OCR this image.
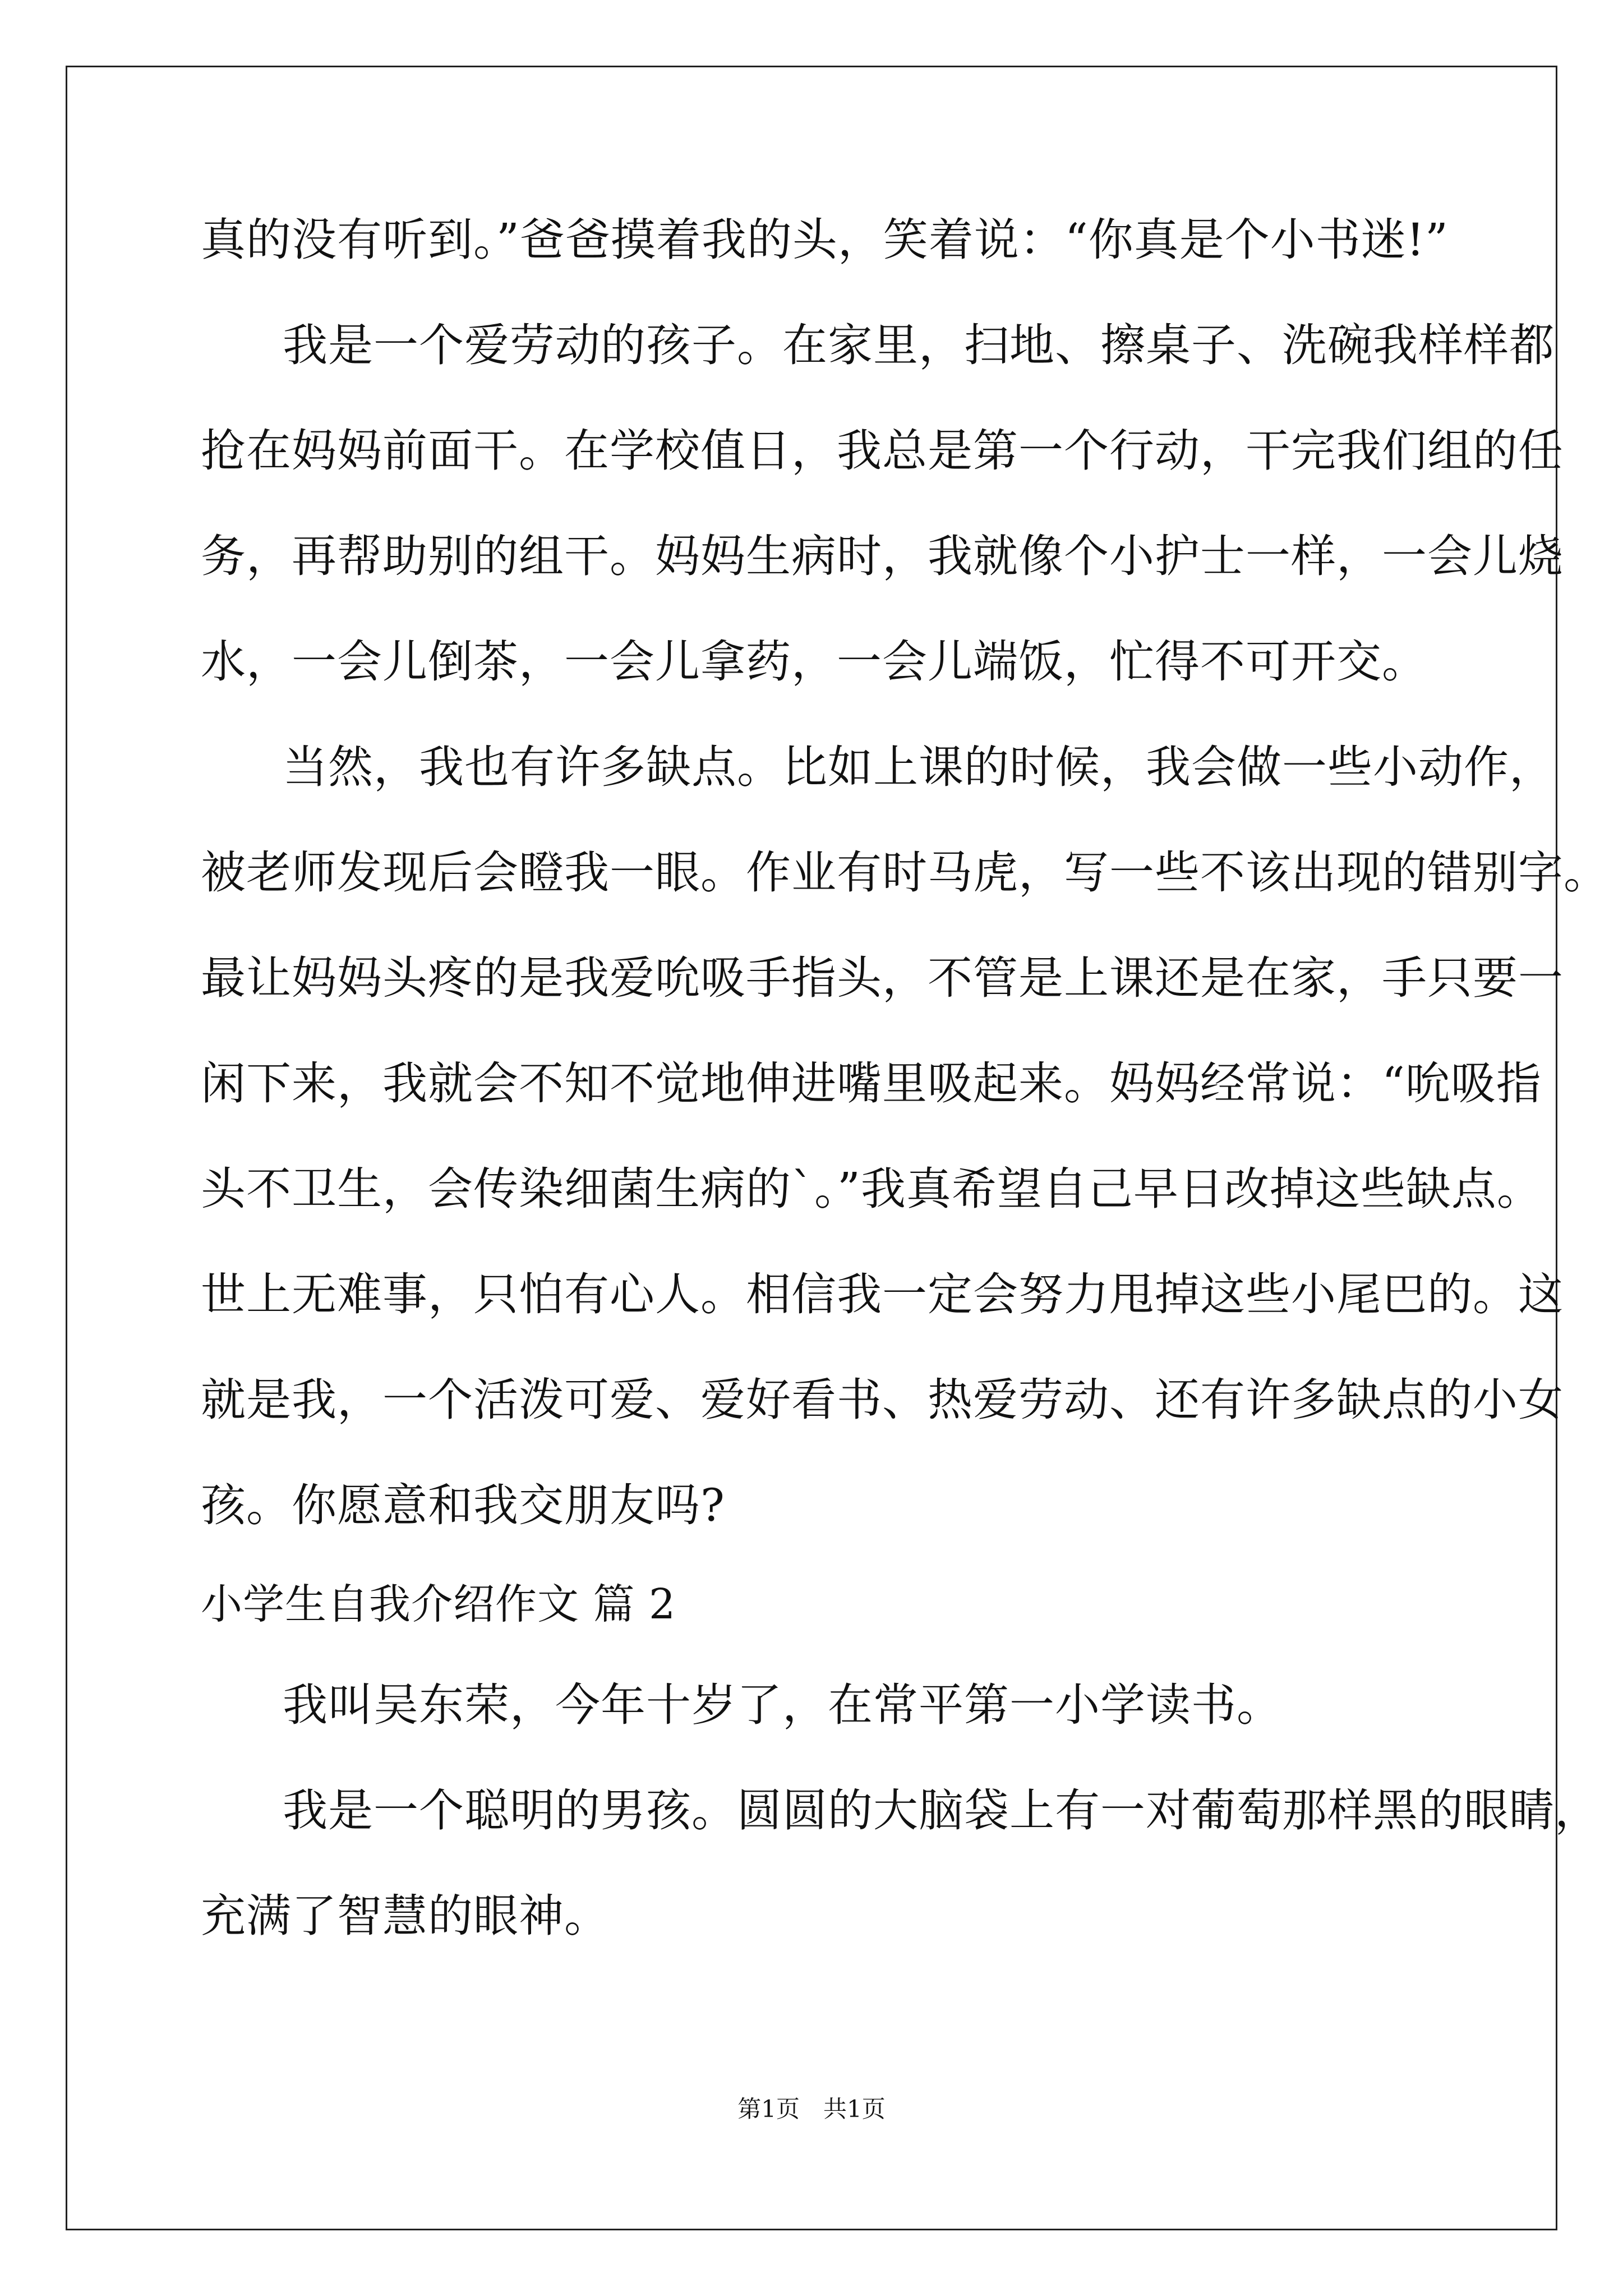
真的没有听到。”爸爸摸着我的头，笑着说：“你真是个小书迷!”
我是一个爱劳动的孩子。在家里，扫地、擦桌子、洗碗我样样都
抢在妈妈前面干。在学校值日，我总是第一个行动，干完我们组的任
务，再帮助别的组干。妈妈生病时，我就像个小护士一样，一会儿烧
水，一会儿倒茶，一会儿拿药，一会儿端饭，忙得不可开交。
当然，我也有许多缺点。比如上课的时候，我会做一些小动作，
被老师发现后会瞪我一眼。作业有时马虎，写一些不该出现的错别字。
最让妈妈头疼的是我爱吮吸手指头，不管是上课还是在家，手只要一
闲下来，我就会不知不觉地伸进嘴里吸起来。妈妈经常说：“吮吸指
头不卫生，会传染细菌生病的`。”我真希望自己早日改掉这些缺点。
世上无难事，只怕有心人。相信我一定会努力甩掉这些小尾巴的。这
就是我，一个活泼可爱、爱好看书、热爱劳动、还有许多缺点的小女
孩。你愿意和我交朋友吗?
小学生自我介绍作文 篇 2
我叫吴东荣，今年十岁了，在常平第一小学读书。
我是一个聪明的男孩。圆圆的大脑袋上有一对葡萄那样黑的眼睛，
充满了智慧的眼神。
第1页　共1页
